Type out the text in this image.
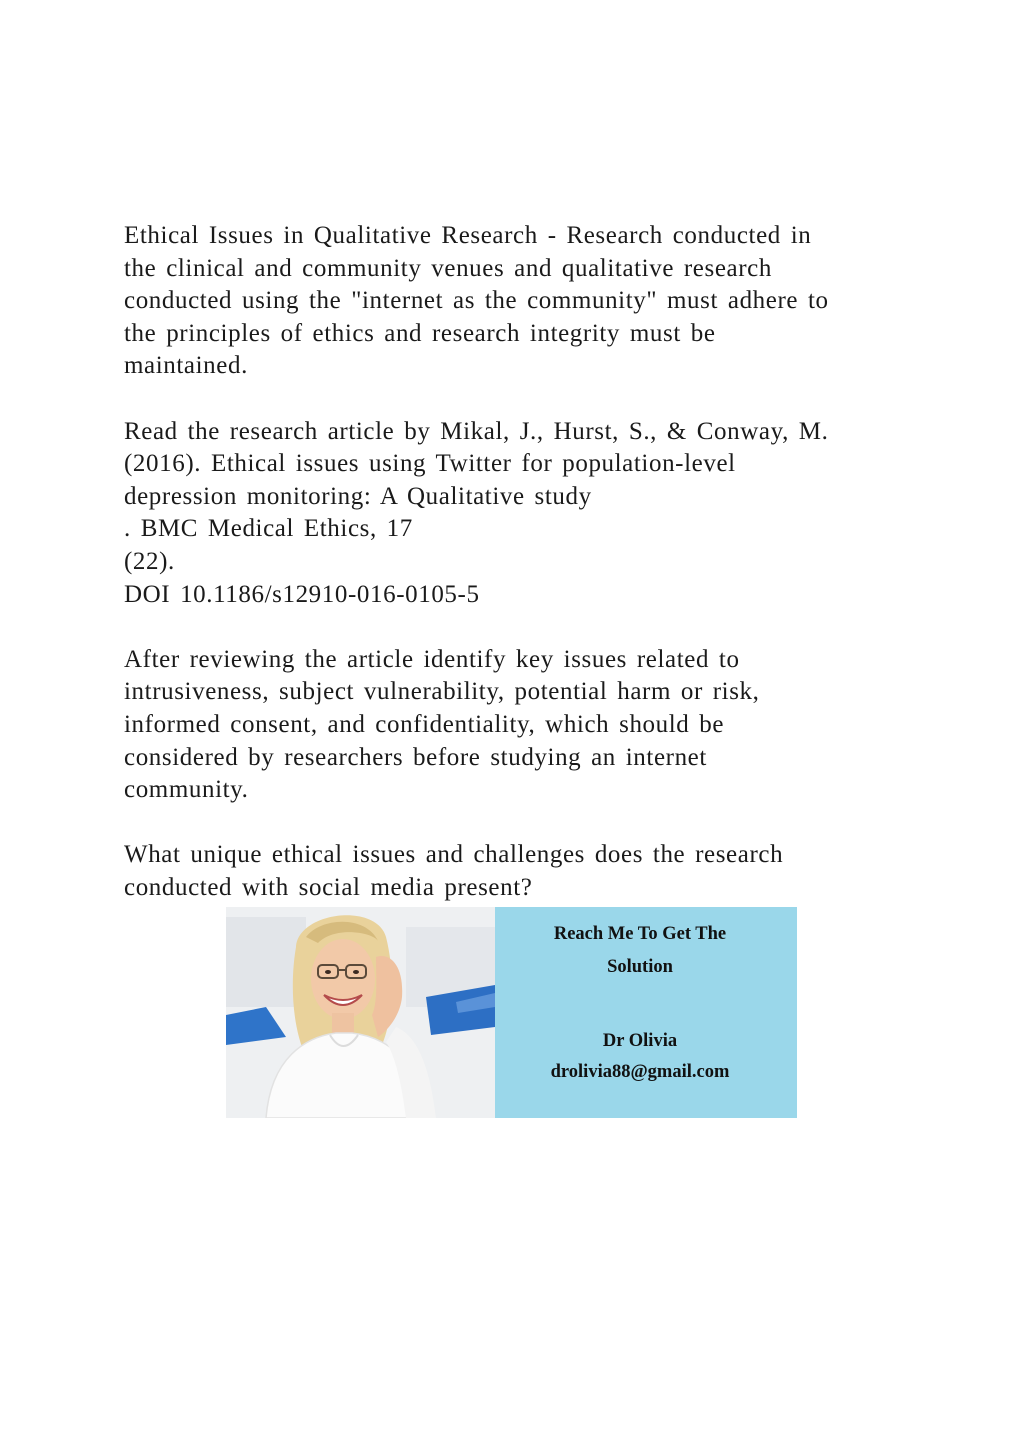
Ethical Issues in Qualitative Research - Research conducted in
the clinical and community venues and qualitative research
conducted using the "internet as the community" must adhere to
the principles of ethics and research integrity must be
maintained.

Read the research article by Mikal, J., Hurst, S., & Conway, M.
(2016). Ethical issues using Twitter for population-level
depression monitoring: A Qualitative study
. BMC Medical Ethics, 17
(22).
DOI 10.1186/s12910-016-0105-5

After reviewing the article identify key issues related to
intrusiveness, subject vulnerability, potential harm or risk,
informed consent, and confidentiality, which should be
considered by researchers before studying an internet
community.

What unique ethical issues and challenges does the research
conducted with social media present?

Reach Me To Get The
Solution
Dr Olivia
drolivia88@gmail.com
